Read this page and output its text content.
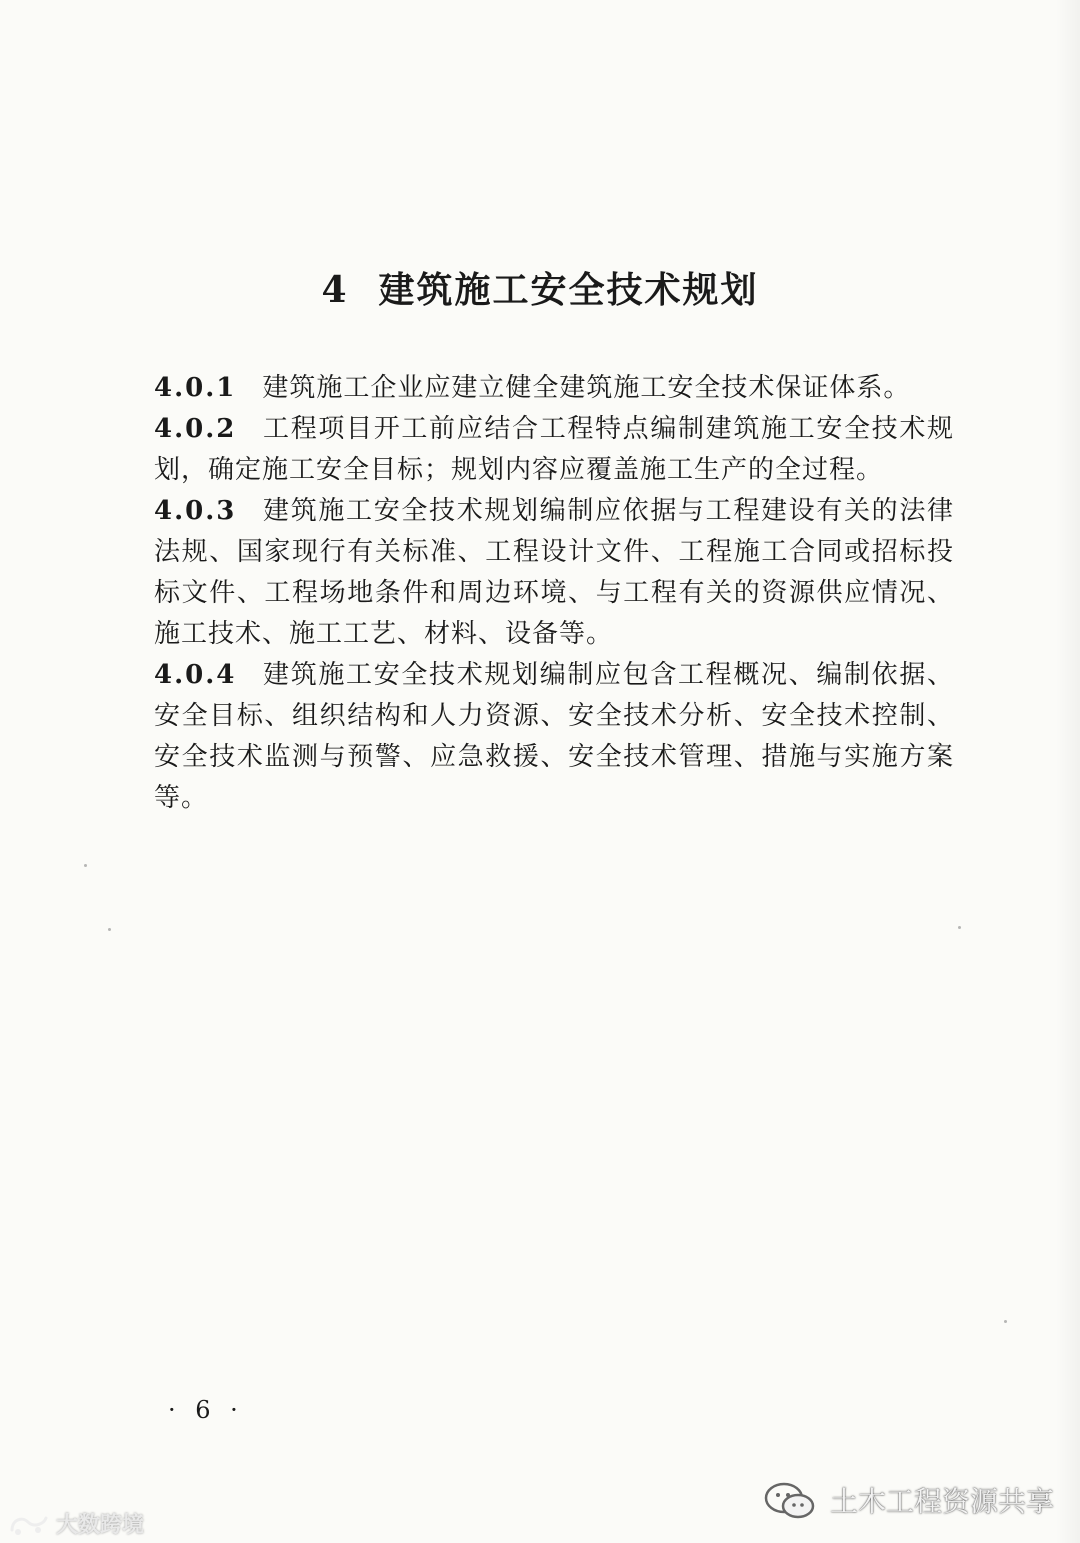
4 建筑施工安全技术规划

4.0.1 建筑施工企业应建立健全建筑施工安全技术保证体系。

4.0.2 工程项目开工前应结合工程特点编制建筑施工安全技术规划，确定施工安全目标；规划内容应覆盖施工生产的全过程。

4.0.3 建筑施工安全技术规划编制应依据与工程建设有关的法律法规、国家现行有关标准、工程设计文件、工程施工合同或招标投标文件、工程场地条件和周边环境、与工程有关的资源供应情况、施工技术、施工工艺、材料、设备等。

4.0.4 建筑施工安全技术规划编制应包含工程概况、编制依据、安全目标、组织结构和人力资源、安全技术分析、安全技术控制、安全技术监测与预警、应急救援、安全技术管理、措施与实施方案等。

· 6 ·
大数跨境
土木工程资源共享
